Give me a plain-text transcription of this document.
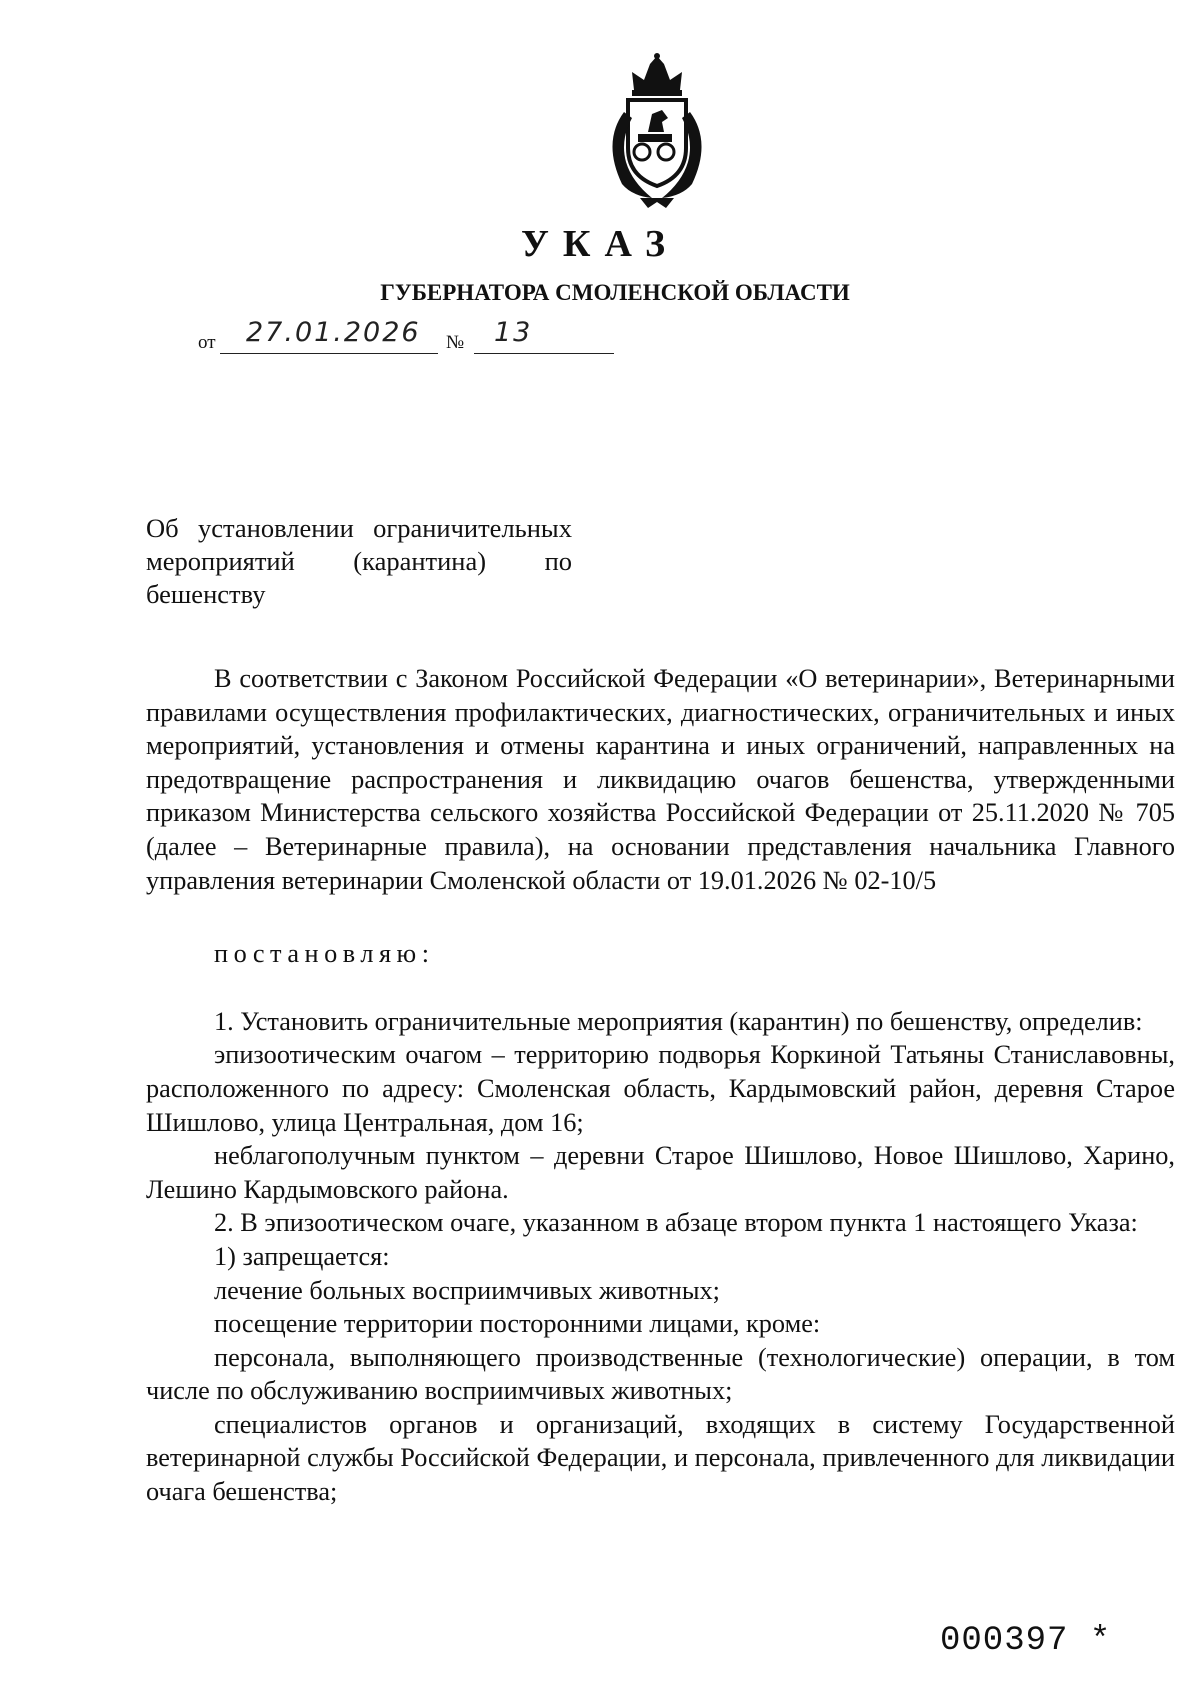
УКАЗ
ГУБЕРНАТОРА СМОЛЕНСКОЙ ОБЛАСТИ
от 27.01.2026 № 13
Об установлении ограничительных
мероприятий (карантина) по
бешенству

В соответствии с Законом Российской Федерации «О ветеринарии», Ветеринарными правилами осуществления профилактических, диагностических, ограничительных и иных мероприятий, установления и отмены карантина и иных ограничений, направленных на предотвращение распространения и ликвидацию очагов бешенства, утвержденными приказом Министерства сельского хозяйства Российской Федерации от 25.11.2020 № 705 (далее – Ветеринарные правила), на основании представления начальника Главного управления ветеринарии Смоленской области от 19.01.2026 № 02-10/5

постановляю:

1. Установить ограничительные мероприятия (карантин) по бешенству, определив:

эпизоотическим очагом – территорию подворья Коркиной Татьяны Станиславовны, расположенного по адресу: Смоленская область, Кардымовский район, деревня Старое Шишлово, улица Центральная, дом 16;

неблагополучным пунктом – деревни Старое Шишлово, Новое Шишлово, Харино, Лешино Кардымовского района.

2. В эпизоотическом очаге, указанном в абзаце втором пункта 1 настоящего Указа:

1) запрещается:

лечение больных восприимчивых животных;

посещение территории посторонними лицами, кроме:

персонала, выполняющего производственные (технологические) операции, в том числе по обслуживанию восприимчивых животных;

специалистов органов и организаций, входящих в систему Государственной ветеринарной службы Российской Федерации, и персонала, привлеченного для ликвидации очага бешенства;

000397 *
